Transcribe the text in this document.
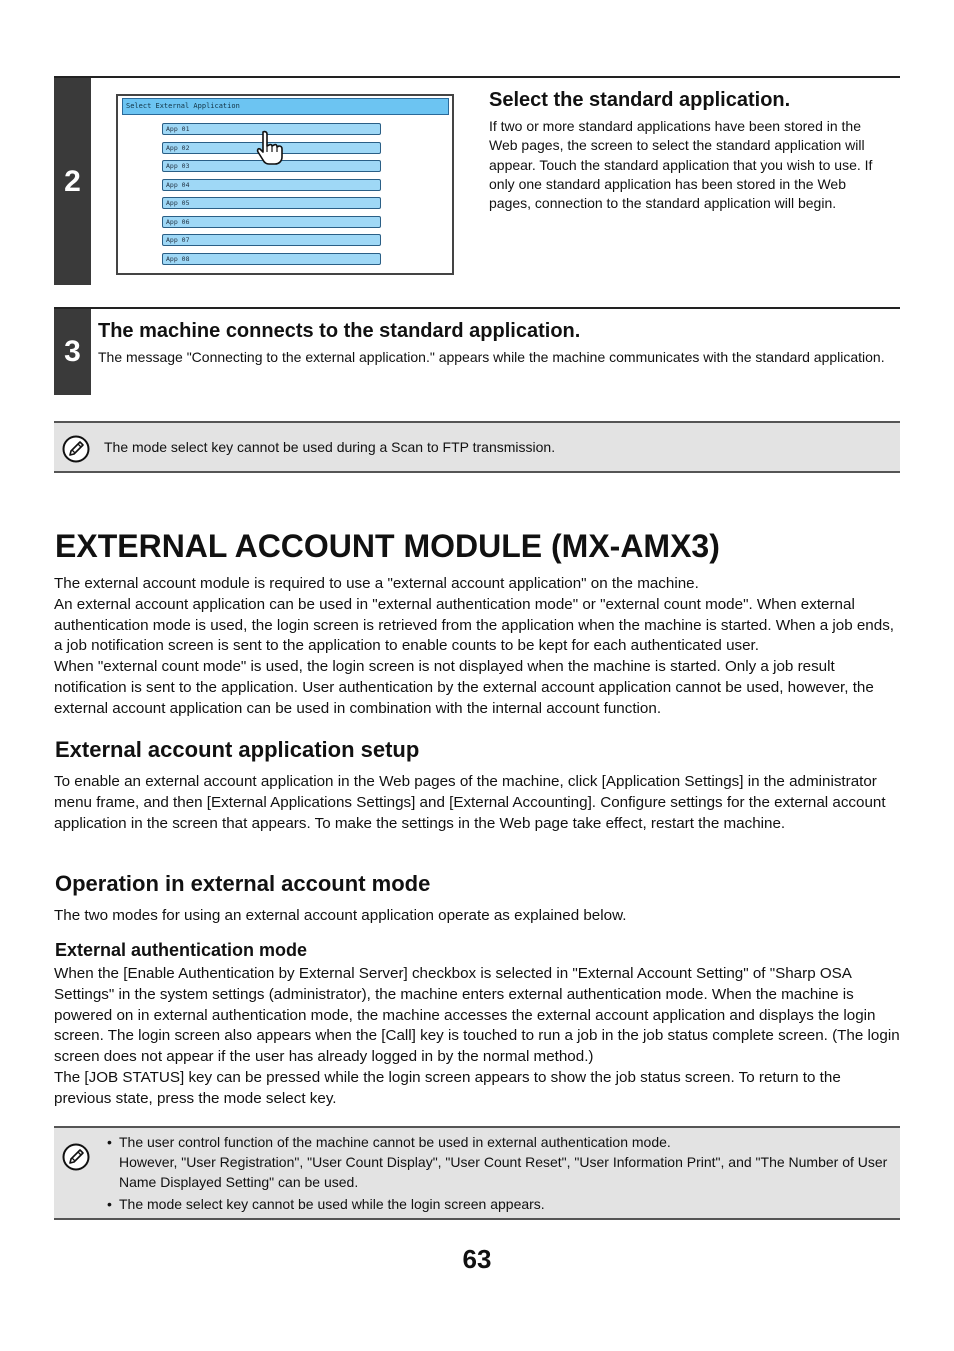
2
Select External Application
App 01
App 02
App 03
App 04
App 05
App 06
App 07
App 08
Select the standard application.
If two or more standard applications have been stored in the Web pages, the screen to select the standard application will appear. Touch the standard application that you wish to use. If only one standard application has been stored in the Web pages, connection to the standard application will begin.
3
The machine connects to the standard application.
The message "Connecting to the external application." appears while the machine communicates with the standard application.
The mode select key cannot be used during a Scan to FTP transmission.
EXTERNAL ACCOUNT MODULE (MX-AMX3)

The external account module is required to use a "external account application" on the machine.

An external account application can be used in "external authentication mode" or "external count mode". When external authentication mode is used, the login screen is retrieved from the application when the machine is started. When a job ends, a job notification screen is sent to the application to enable counts to be kept for each authenticated user.

When "external count mode" is used, the login screen is not displayed when the machine is started. Only a job result notification is sent to the application. User authentication by the external account application cannot be used, however, the external account application can be used in combination with the internal account function.

External account application setup

To enable an external account application in the Web pages of the machine, click [Application Settings] in the administrator menu frame, and then [External Applications Settings] and [External Accounting]. Configure settings for the external account application in the screen that appears. To make the settings in the Web page take effect, restart the machine.

Operation in external account mode

The two modes for using an external account application operate as explained below.

External authentication mode

When the [Enable Authentication by External Server] checkbox is selected in "External Account Setting" of "Sharp OSA Settings" in the system settings (administrator), the machine enters external authentication mode. When the machine is powered on in external authentication mode, the machine accesses the external account application and displays the login screen. The login screen also appears when the [Call] key is touched to run a job in the job status complete screen. (The login screen does not appear if the user has already logged in by the normal method.)

The [JOB STATUS] key can be pressed while the login screen appears to show the job status screen. To return to the previous state, press the mode select key.

• The user control function of the machine cannot be used in external authentication mode.
However, "User Registration", "User Count Display", "User Count Reset", "User Information Print", and "The Number of User Name Displayed Setting" can be used.
• The mode select key cannot be used while the login screen appears.
63
